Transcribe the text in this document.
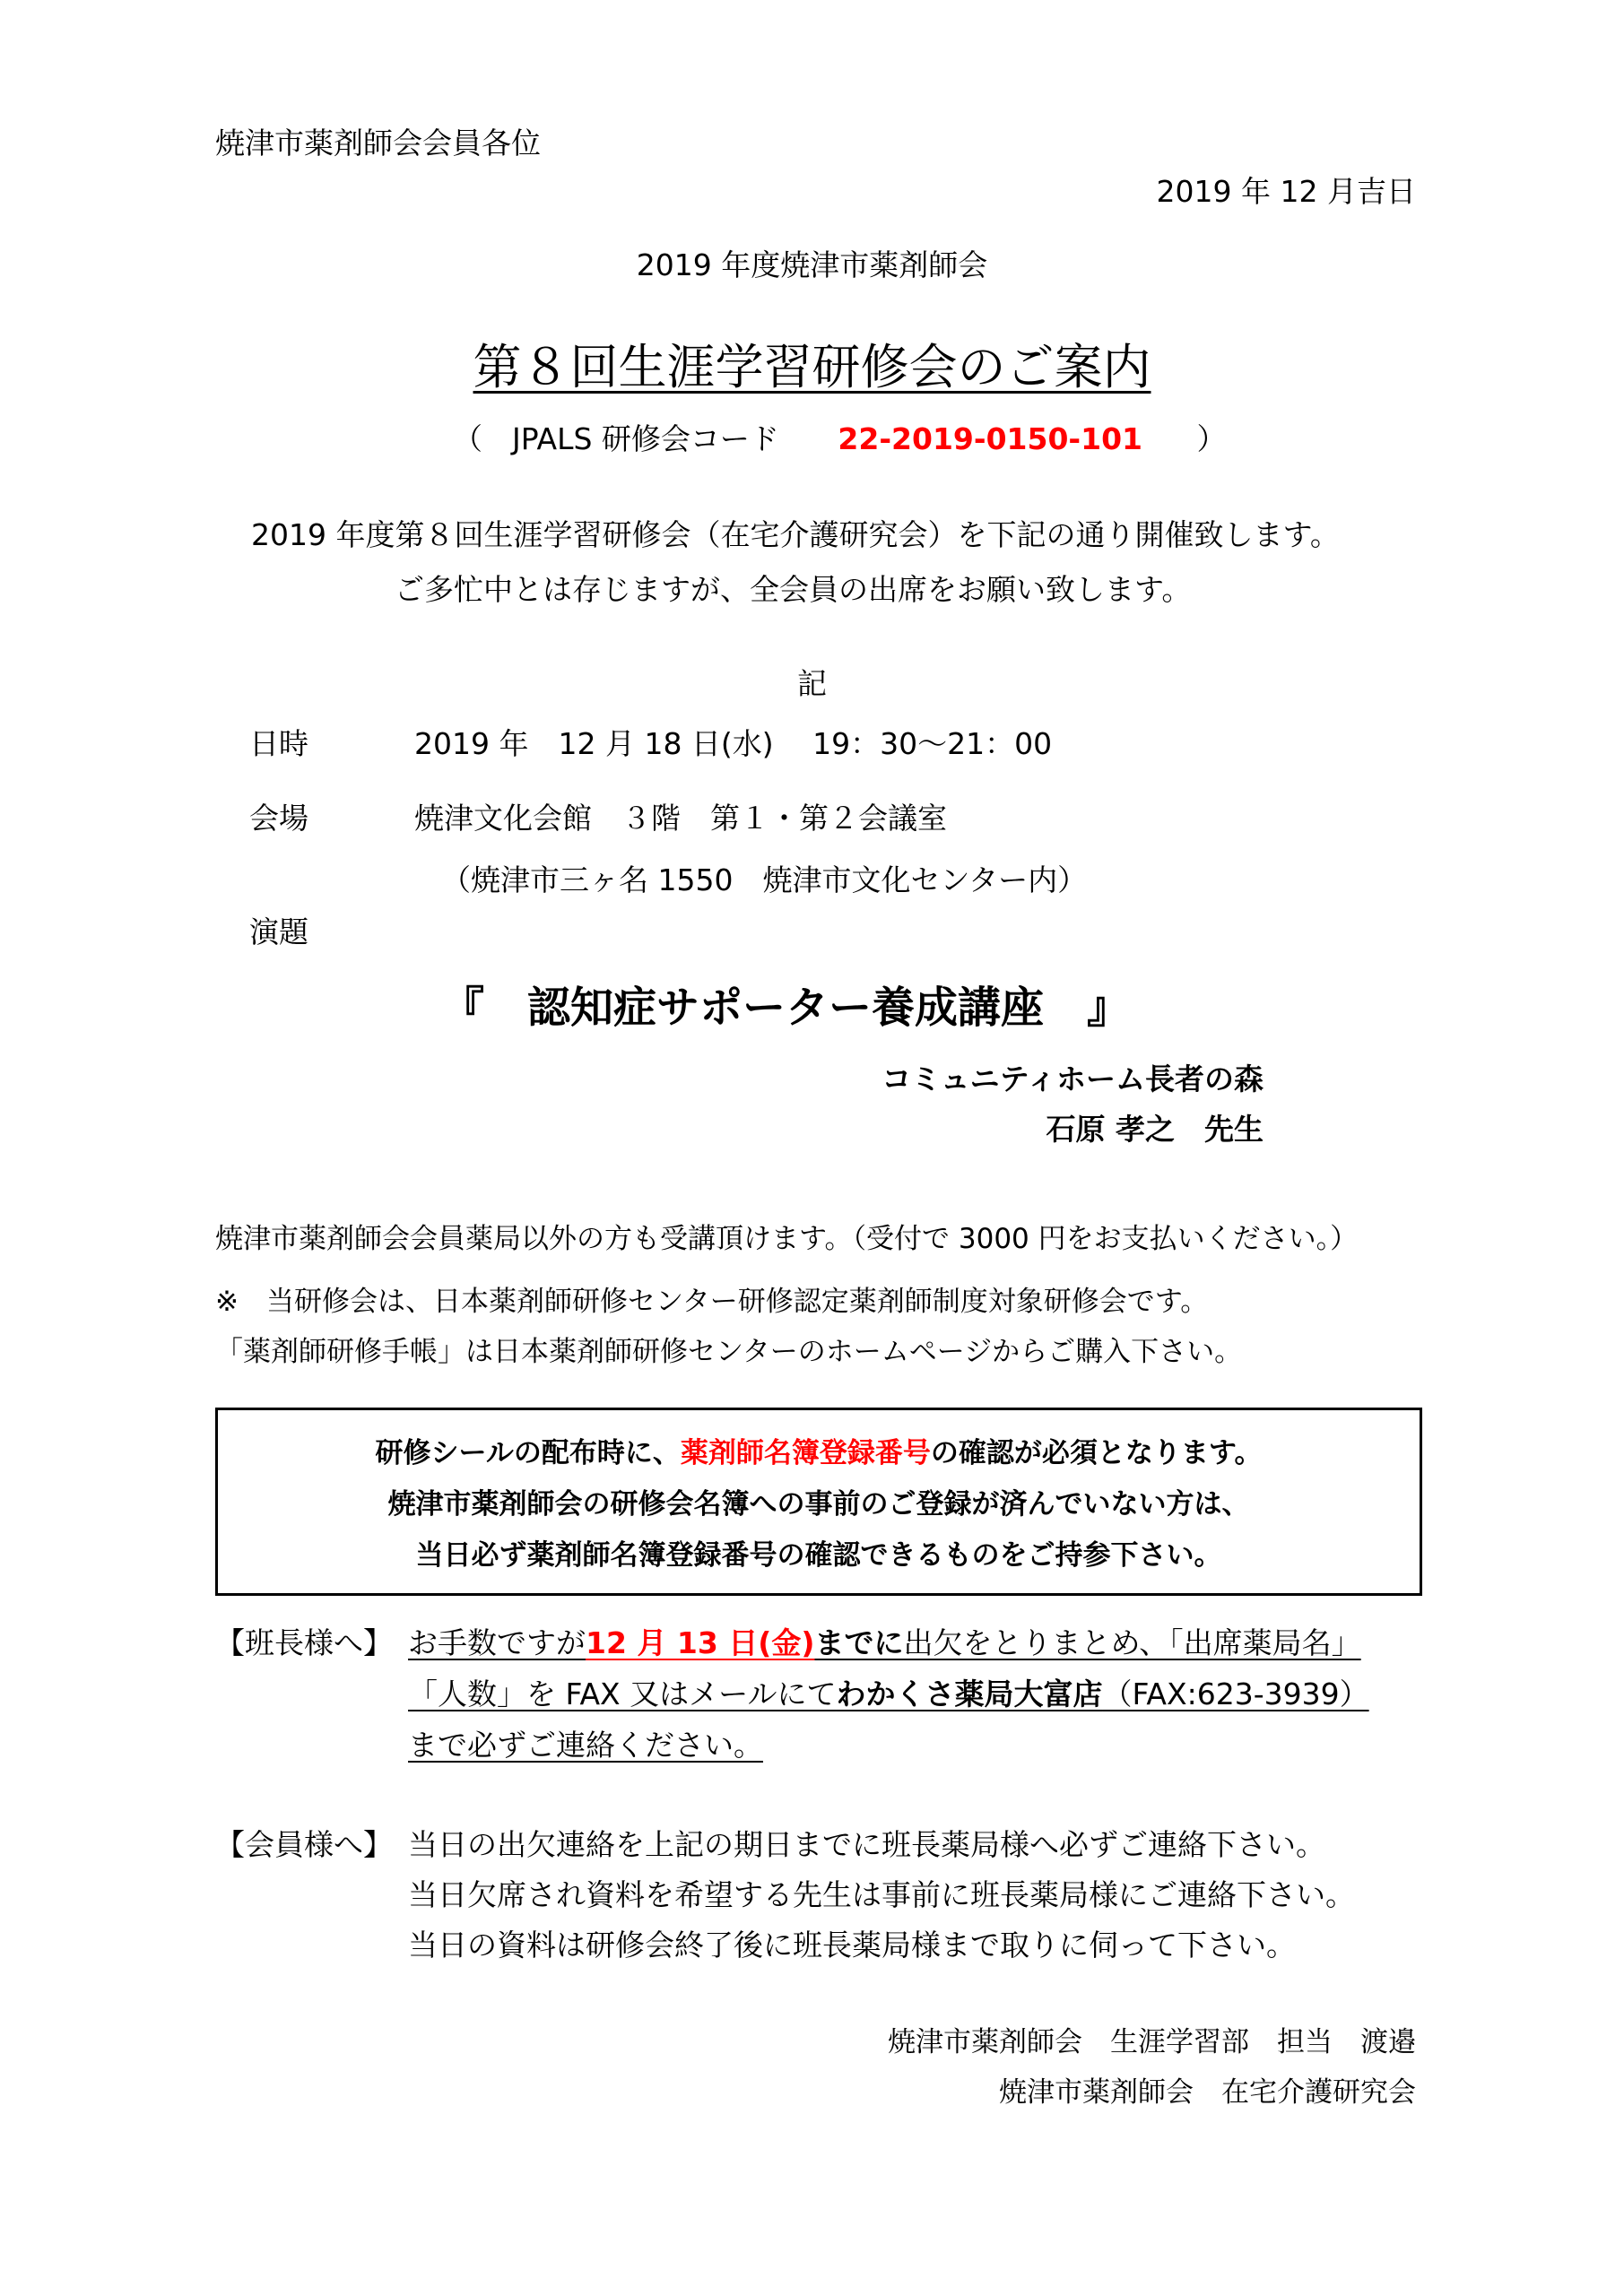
焼津市薬剤師会会員各位
2019 年 12 月吉日
2019 年度焼津市薬剤師会
第８回生涯学習研修会のご案内
（　JPALS 研修会コード 22-2019-0150-101 ）
2019 年度第８回生涯学習研修会（在宅介護研究会）を下記の通り開催致します。
ご多忙中とは存じますが、全会員の出席をお願い致します。
記
日時	2019 年　12 月 18 日(水)　 19：30～21：00
会場	焼津文化会館　３階　第１・第２会議室
（焼津市三ヶ名 1550　焼津市文化センター内）
演題
『　認知症サポーター養成講座　』
コミュニティホーム長者の森
石原 孝之　先生
焼津市薬剤師会会員薬局以外の方も受講頂けます。（受付で 3000 円をお支払いください。）
※　当研修会は、日本薬剤師研修センター研修認定薬剤師制度対象研修会です。
「薬剤師研修手帳」は日本薬剤師研修センターのホームページからご購入下さい。
研修シールの配布時に、薬剤師名簿登録番号の確認が必須となります。
焼津市薬剤師会の研修会名簿への事前のご登録が済んでいない方は、
当日必ず薬剤師名簿登録番号の確認できるものをご持参下さい。
【班長様へ】 お手数ですが12 月 13 日(金)までに出欠をとりまとめ、「出席薬局名」
「人数」を FAX 又はメールにてわかくさ薬局大富店（FAX:623-3939）
まで必ずご連絡ください。
【会員様へ】 当日の出欠連絡を上記の期日までに班長薬局様へ必ずご連絡下さい。
当日欠席され資料を希望する先生は事前に班長薬局様にご連絡下さい。
当日の資料は研修会終了後に班長薬局様まで取りに伺って下さい。
焼津市薬剤師会　生涯学習部　担当　渡邉
焼津市薬剤師会　在宅介護研究会
